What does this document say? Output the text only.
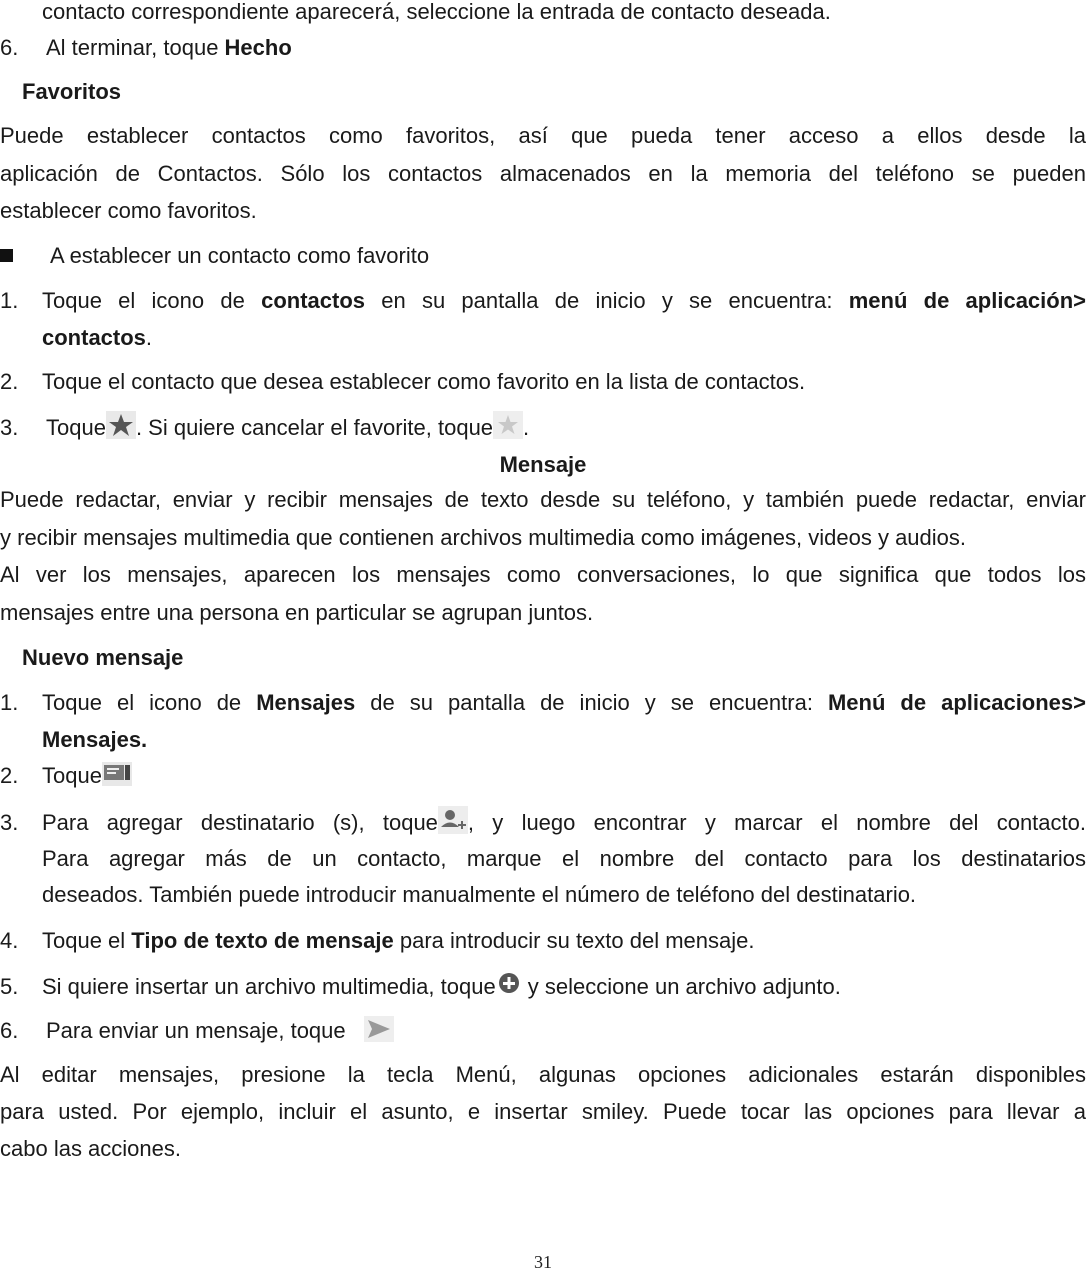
contacto correspondiente aparecerá, seleccione la entrada de contacto deseada.
6. Al terminar, toque Hecho
Favoritos
Puede establecer contactos como favoritos, así que pueda tener acceso a ellos desde la
aplicación de Contactos. Sólo los contactos almacenados en la memoria del teléfono se pueden
establecer como favoritos.
A establecer un contacto como favorito
1. Toque el icono de contactos en su pantalla de inicio y se encuentra: menú de aplicación>
contactos.
2. Toque el contacto que desea establecer como favorito en la lista de contactos.
3. Toque . Si quiere cancelar el favorite, toque .
Mensaje
Puede redactar, enviar y recibir mensajes de texto desde su teléfono, y también puede redactar, enviar
y recibir mensajes multimedia que contienen archivos multimedia como imágenes, videos y audios.
Al ver los mensajes, aparecen los mensajes como conversaciones, lo que significa que todos los
mensajes entre una persona en particular se agrupan juntos.
Nuevo mensaje
1. Toque el icono de Mensajes de su pantalla de inicio y se encuentra: Menú de aplicaciones>
Mensajes.
2. Toque
3. Para agregar destinatario (s), toque , y luego encontrar y marcar el nombre del contacto.
Para agregar más de un contacto, marque el nombre del contacto para los destinatarios
deseados. También puede introducir manualmente el número de teléfono del destinatario.
4. Toque el Tipo de texto de mensaje para introducir su texto del mensaje.
5. Si quiere insertar un archivo multimedia, toque y seleccione un archivo adjunto.
6. Para enviar un mensaje, toque
Al editar mensajes, presione la tecla Menú, algunas opciones adicionales estarán disponibles
para usted. Por ejemplo, incluir el asunto, e insertar smiley. Puede tocar las opciones para llevar a
cabo las acciones.
31
